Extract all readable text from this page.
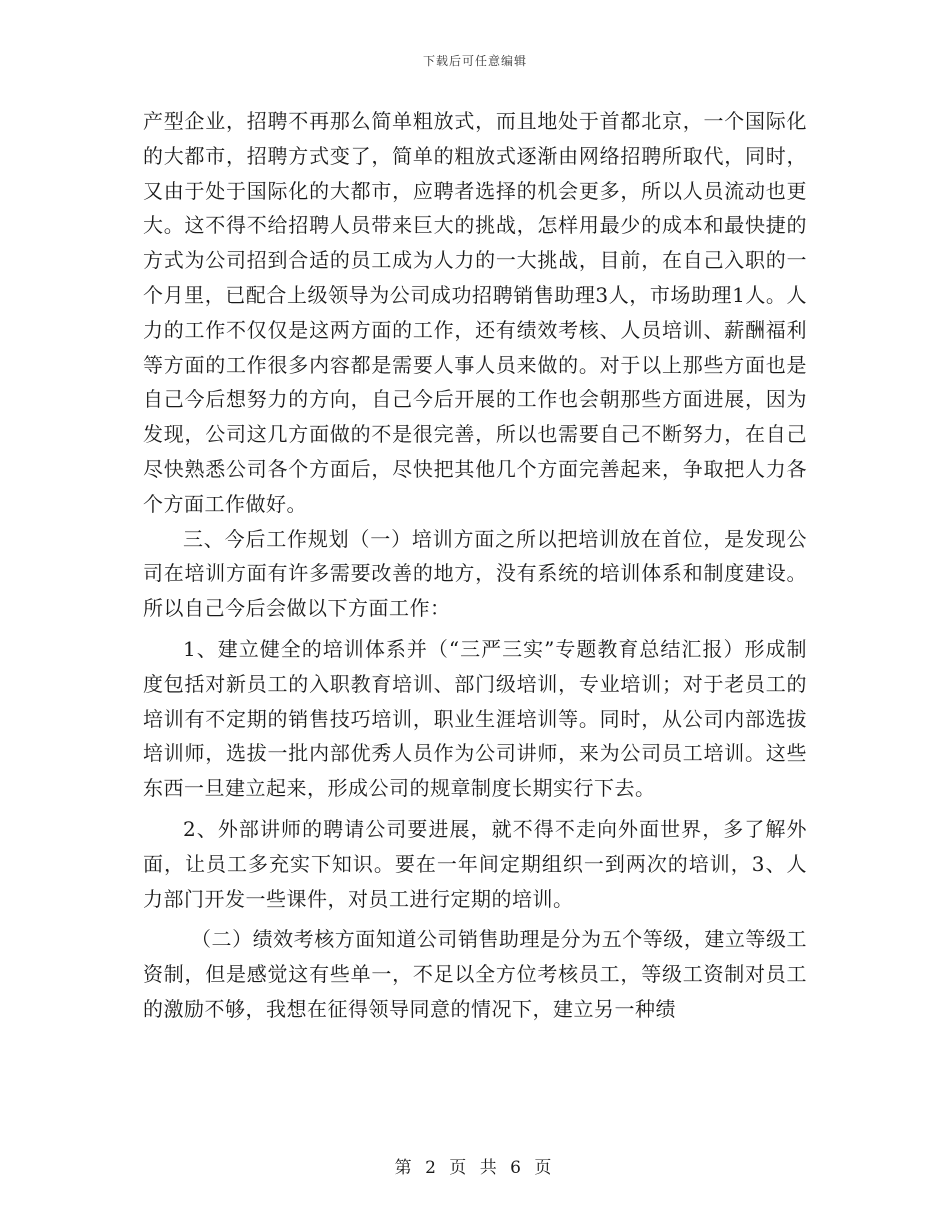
下载后可任意编辑

产型企业，招聘不再那么简单粗放式，而且地处于首都北京，一个国际化的大都市，招聘方式变了，简单的粗放式逐渐由网络招聘所取代，同时，又由于处于国际化的大都市，应聘者选择的机会更多，所以人员流动也更大。这不得不给招聘人员带来巨大的挑战，怎样用最少的成本和最快捷的方式为公司招到合适的员工成为人力的一大挑战，目前，在自己入职的一个月里，已配合上级领导为公司成功招聘销售助理3人，市场助理1人。人力的工作不仅仅是这两方面的工作，还有绩效考核、人员培训、薪酬福利等方面的工作很多内容都是需要人事人员来做的。对于以上那些方面也是自己今后想努力的方向，自己今后开展的工作也会朝那些方面进展，因为发现，公司这几方面做的不是很完善，所以也需要自己不断努力，在自己尽快熟悉公司各个方面后，尽快把其他几个方面完善起来，争取把人力各个方面工作做好。

三、今后工作规划（一）培训方面之所以把培训放在首位，是发现公司在培训方面有许多需要改善的地方，没有系统的培训体系和制度建设。所以自己今后会做以下方面工作：

1、建立健全的培训体系并（“三严三实”专题教育总结汇报）形成制度包括对新员工的入职教育培训、部门级培训，专业培训；对于老员工的培训有不定期的销售技巧培训，职业生涯培训等。同时，从公司内部选拔培训师，选拔一批内部优秀人员作为公司讲师，来为公司员工培训。这些东西一旦建立起来，形成公司的规章制度长期实行下去。

2、外部讲师的聘请公司要进展，就不得不走向外面世界，多了解外面，让员工多充实下知识。要在一年间定期组织一到两次的培训，3、人力部门开发一些课件，对员工进行定期的培训。

（二）绩效考核方面知道公司销售助理是分为五个等级，建立等级工资制，但是感觉这有些单一，不足以全方位考核员工，等级工资制对员工的激励不够，我想在征得领导同意的情况下，建立另一种绩

第 2 页 共 6 页
